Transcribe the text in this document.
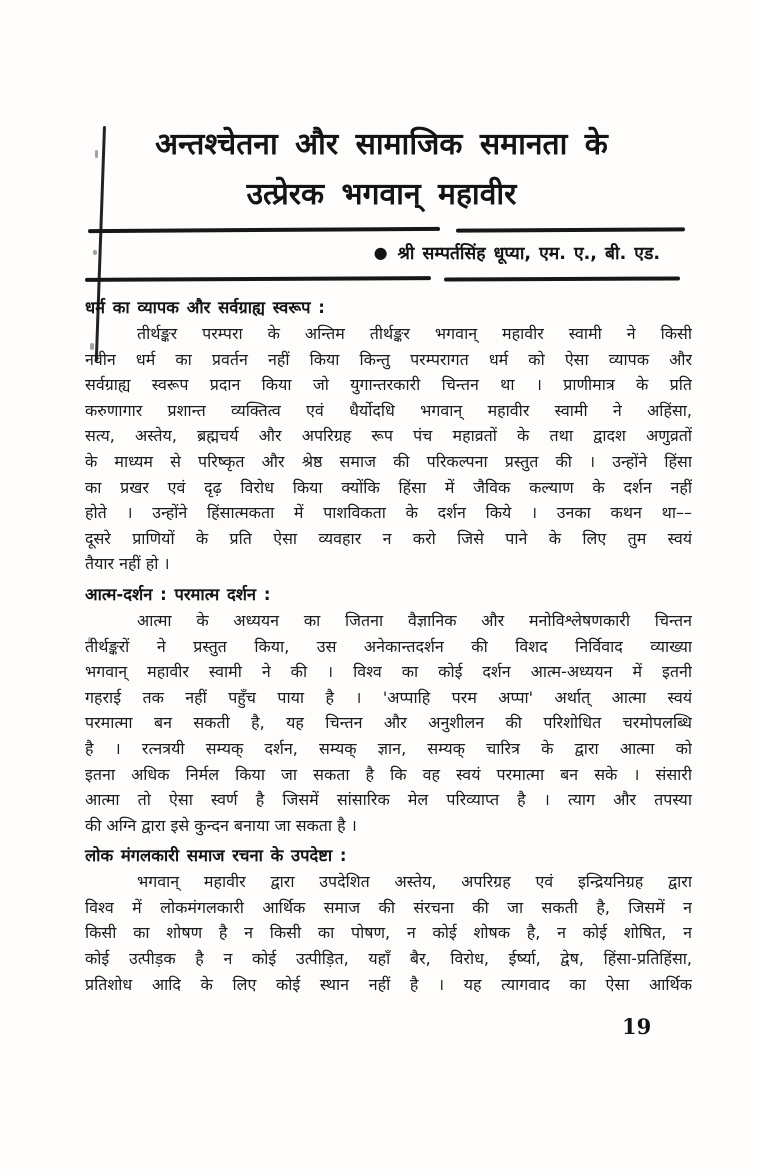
अन्तश्चेतना और सामाजिक समानता के
उत्प्रेरक भगवान् महावीर
● श्री सम्पर्तसिंह धूप्या, एम. ए., बी. एड.
धर्म का व्यापक और सर्वग्राह्य स्वरूप :
तीर्थङ्कर परम्परा के अन्तिम तीर्थङ्कर भगवान् महावीर स्वामी ने किसी
नवीन धर्म का प्रवर्तन नहीं किया किन्तु परम्परागत धर्म को ऐसा व्यापक और
सर्वग्राह्य स्वरूप प्रदान किया जो युगान्तरकारी चिन्तन था । प्राणीमात्र के प्रति
करुणागार प्रशान्त व्यक्तित्व एवं धैर्योदधि भगवान् महावीर स्वामी ने अहिंसा,
सत्य, अस्तेय, ब्रह्मचर्य और अपरिग्रह रूप पंच महाव्रतों के तथा द्वादश अणुव्रतों
के माध्यम से परिष्कृत और श्रेष्ठ समाज की परिकल्पना प्रस्तुत की । उन्होंने हिंसा
का प्रखर एवं दृढ़ विरोध किया क्योंकि हिंसा में जैविक कल्याण के दर्शन नहीं
होते । उन्होंने हिंसात्मकता में पाशविकता के दर्शन किये । उनका कथन था––
दूसरे प्राणियों के प्रति ऐसा व्यवहार न करो जिसे पाने के लिए तुम स्वयं
तैयार नहीं हो ।
आत्म-दर्शन : परमात्म दर्शन :
आत्मा के अध्ययन का जितना वैज्ञानिक और मनोविश्लेषणकारी चिन्तन
तीर्थङ्करों ने प्रस्तुत किया, उस अनेकान्तदर्शन की विशद निर्विवाद व्याख्या
भगवान् महावीर स्वामी ने की । विश्व का कोई दर्शन आत्म-अध्ययन में इतनी
गहराई तक नहीं पहुँच पाया है । 'अप्पाहि परम अप्पा' अर्थात् आत्मा स्वयं
परमात्मा बन सकती है, यह चिन्तन और अनुशीलन की परिशोधित चरमोपलब्धि
है । रत्नत्रयी सम्यक् दर्शन, सम्यक् ज्ञान, सम्यक् चारित्र के द्वारा आत्मा को
इतना अधिक निर्मल किया जा सकता है कि वह स्वयं परमात्मा बन सके । संसारी
आत्मा तो ऐसा स्वर्ण है जिसमें सांसारिक मेल परिव्याप्त है । त्याग और तपस्या
की अग्नि द्वारा इसे कुन्दन बनाया जा सकता है ।
लोक मंगलकारी समाज रचना के उपदेष्टा :
भगवान् महावीर द्वारा उपदेशित अस्तेय, अपरिग्रह एवं इन्द्रियनिग्रह द्वारा
विश्व में लोकमंगलकारी आर्थिक समाज की संरचना की जा सकती है, जिसमें न
किसी का शोषण है न किसी का पोषण, न कोई शोषक है, न कोई शोषित, न
कोई उत्पीड़क है न कोई उत्पीड़ित, यहाँ बैर, विरोध, ईर्ष्या, द्वेष, हिंसा-प्रतिहिंसा,
प्रतिशोध आदि के लिए कोई स्थान नहीं है । यह त्यागवाद का ऐसा आर्थिक
19
